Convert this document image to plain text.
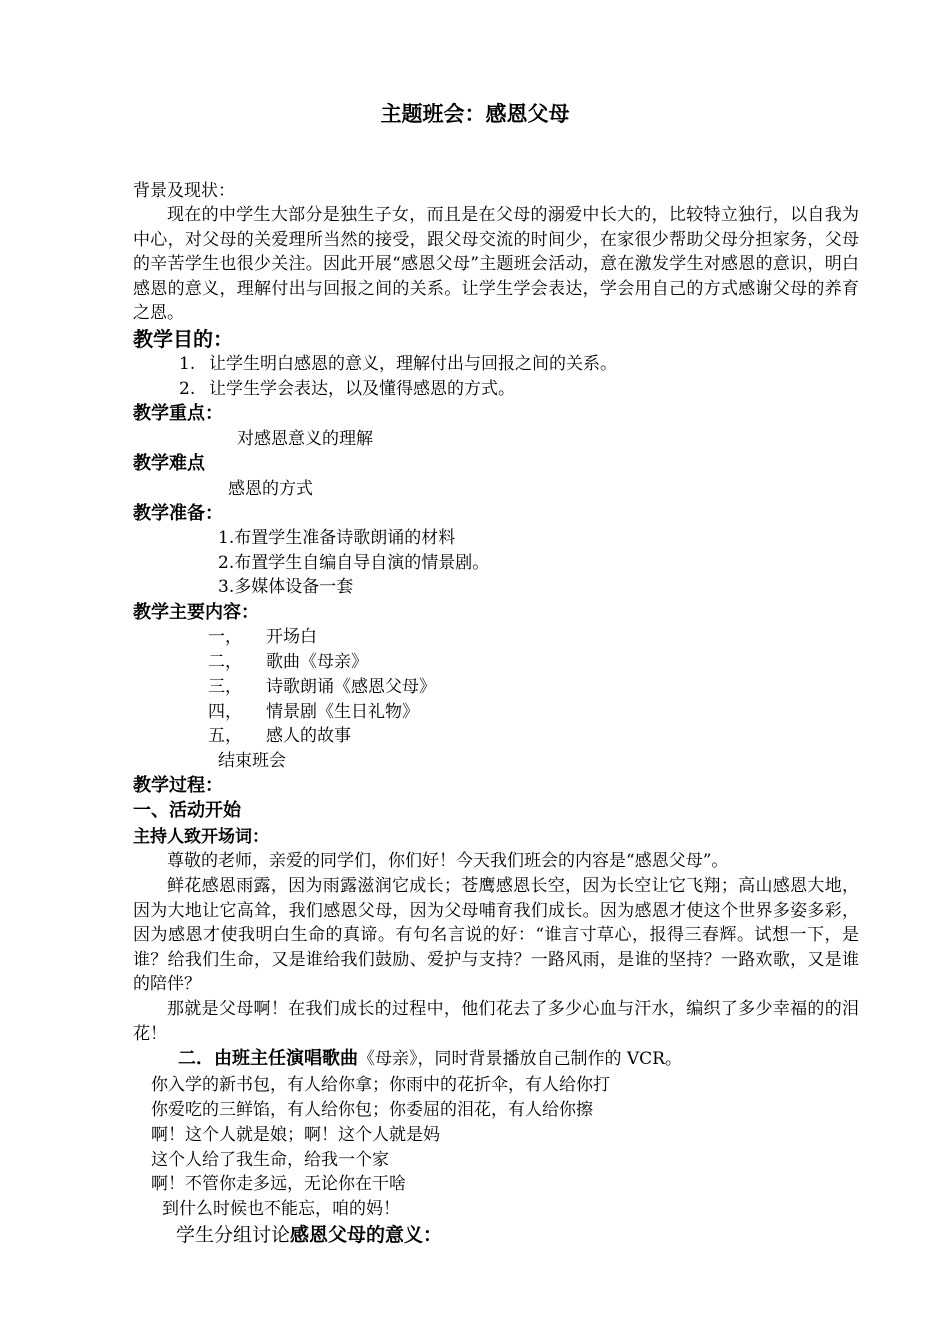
主题班会：感恩父母
背景及现状：
现在的中学生大部分是独生子女，而且是在父母的溺爱中长大的，比较特立独行，以自我为中心，对父母的关爱理所当然的接受，跟父母交流的时间少，在家很少帮助父母分担家务，父母的辛苦学生也很少关注。因此开展“感恩父母”主题班会活动，意在激发学生对感恩的意识，明白感恩的意义，理解付出与回报之间的关系。让学生学会表达，学会用自己的方式感谢父母的养育之恩。
教学目的：
1. 让学生明白感恩的意义，理解付出与回报之间的关系。
2. 让学生学会表达，以及懂得感恩的方式。
教学重点：
对感恩意义的理解
教学难点
感恩的方式
教学准备：
1.布置学生准备诗歌朗诵的材料
2.布置学生自编自导自演的情景剧。
3.多媒体设备一套
教学主要内容：
一， 开场白
二， 歌曲《母亲》
三， 诗歌朗诵《感恩父母》
四， 情景剧《生日礼物》
五， 感人的故事
结束班会
教学过程：
一、活动开始
主持人致开场词：
尊敬的老师，亲爱的同学们，你们好！今天我们班会的内容是“感恩父母”。
鲜花感恩雨露，因为雨露滋润它成长；苍鹰感恩长空，因为长空让它飞翔；高山感恩大地，因为大地让它高耸，我们感恩父母，因为父母哺育我们成长。因为感恩才使这个世界多姿多彩，因为感恩才使我明白生命的真谛。有句名言说的好：“谁言寸草心，报得三春辉。试想一下，是谁？给我们生命，又是谁给我们鼓励、爱护与支持？一路风雨，是谁的坚持？一路欢歌，又是谁的陪伴？
那就是父母啊！在我们成长的过程中，他们花去了多少心血与汗水，编织了多少幸福的的泪花！
二．由班主任演唱歌曲《母亲》，同时背景播放自己制作的 VCR。
你入学的新书包，有人给你拿；你雨中的花折伞，有人给你打
你爱吃的三鲜馅，有人给你包；你委屈的泪花，有人给你擦
啊！这个人就是娘；啊！这个人就是妈
这个人给了我生命，给我一个家
啊！不管你走多远，无论你在干啥
到什么时候也不能忘，咱的妈！
学生分组讨论感恩父母的意义：
